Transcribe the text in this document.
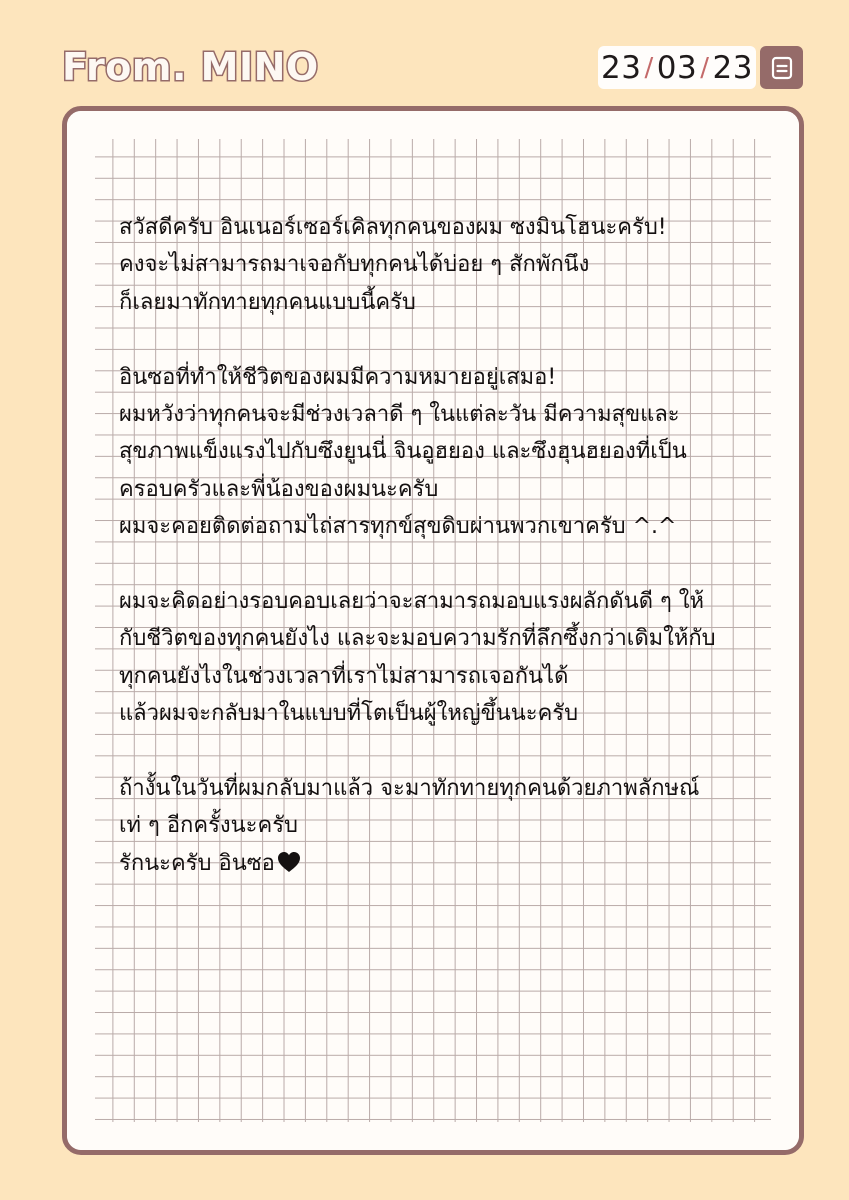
From. MINO	23 / 03 / 23
สวัสดีครับ อินเนอร์เซอร์เคิลทุกคนของผม ซงมินโฮนะครับ!
คงจะไม่สามารถมาเจอกับทุกคนได้บ่อย ๆ สักพักนึง
ก็เลยมาทักทายทุกคนแบบนี้ครับ
อินซอที่ทำให้ชีวิตของผมมีความหมายอยู่เสมอ!
ผมหวังว่าทุกคนจะมีช่วงเวลาดี ๆ ในแต่ละวัน มีความสุขและ
สุขภาพแข็งแรงไปกับซึงยูนนี่ จินอูฮยอง และซึงฮุนฮยองที่เป็น
ครอบครัวและพี่น้องของผมนะครับ
ผมจะคอยติดต่อถามไถ่สารทุกข์สุขดิบผ่านพวกเขาครับ ^.^
ผมจะคิดอย่างรอบคอบเลยว่าจะสามารถมอบแรงผลักดันดี ๆ ให้
กับชีวิตของทุกคนยังไง และจะมอบความรักที่ลึกซึ้งกว่าเดิมให้กับ
ทุกคนยังไงในช่วงเวลาที่เราไม่สามารถเจอกันได้
แล้วผมจะกลับมาในแบบที่โตเป็นผู้ใหญ่ขึ้นนะครับ
ถ้างั้นในวันที่ผมกลับมาแล้ว จะมาทักทายทุกคนด้วยภาพลักษณ์
เท่ ๆ อีกครั้งนะครับ
รักนะครับ อินซอ
